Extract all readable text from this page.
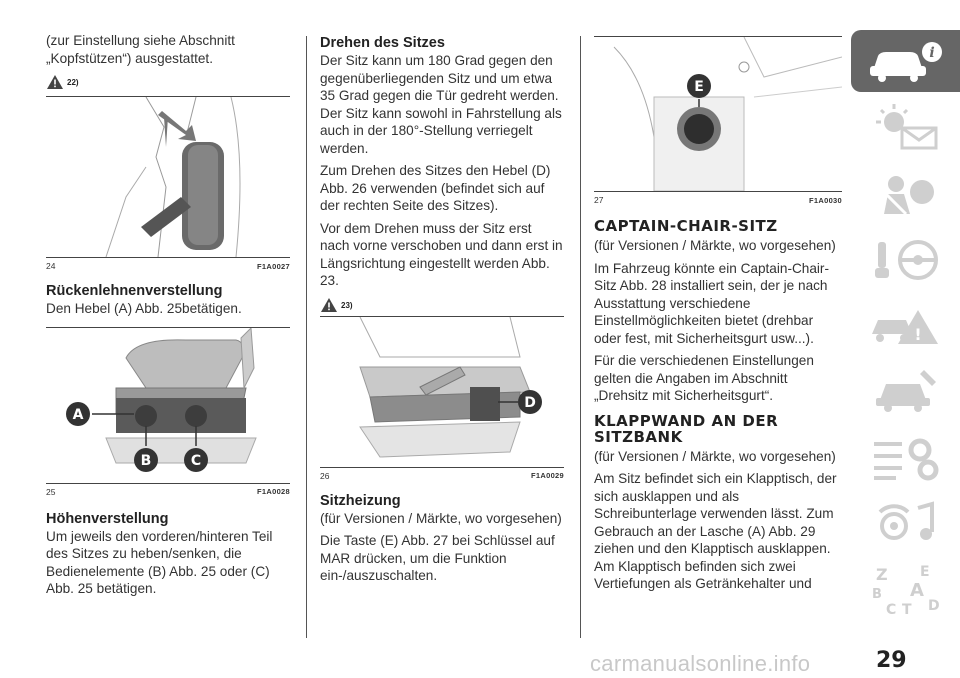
(zur Einstellung siehe Abschnitt

„Kopfstützen“) ausgestattet.

22)
24	F1A0027
Rückenlehnenverstellung

Den Hebel (A) Abb. 25betätigen.

A
B	C
25	F1A0028
Höhenverstellung

Um jeweils den vorderen/hinteren Teil des Sitzes zu heben/senken, die Bedienelemente (B) Abb. 25 oder (C) Abb. 25 betätigen.

Drehen des Sitzes

Der Sitz kann um 180 Grad gegen den gegenüberliegenden Sitz und um etwa 35 Grad gegen die Tür gedreht werden. Der Sitz kann sowohl in Fahrstellung als auch in der 180°-Stellung verriegelt werden.

Zum Drehen des Sitzes den Hebel (D) Abb. 26 verwenden (befindet sich auf der rechten Seite des Sitzes).

Vor dem Drehen muss der Sitz erst nach vorne verschoben und dann erst in Längsrichtung eingestellt werden Abb. 23.

23)
D
26	F1A0029
Sitzheizung

(für Versionen / Märkte, wo vorgesehen)

Die Taste (E) Abb. 27 bei Schlüssel auf MAR drücken, um die Funktion ein-/auszuschalten.

E
27	F1A0030
CAPTAIN-CHAIR-SITZ

(für Versionen / Märkte, wo vorgesehen)

Im Fahrzeug könnte ein Captain-Chair-Sitz Abb. 28 installiert sein, der je nach Ausstattung verschiedene Einstellmöglichkeiten bietet (drehbar oder fest, mit Sicherheitsgurt usw...).

Für die verschiedenen Einstellungen gelten die Angaben im Abschnitt „Drehsitz mit Sicherheitsgurt“.

KLAPPWAND AN DER
SITZBANK

(für Versionen / Märkte, wo vorgesehen)

Am Sitz befindet sich ein Klapptisch, der sich ausklappen und als Schreibunterlage verwenden lässt. Zum Gebrauch an der Lasche (A) Abb. 29 ziehen und den Klapptisch ausklappen. Am Klapptisch befinden sich zwei Vertiefungen als Getränkehalter und

i
!
Z E
B A
C T D
carmanualsonline.info	29
